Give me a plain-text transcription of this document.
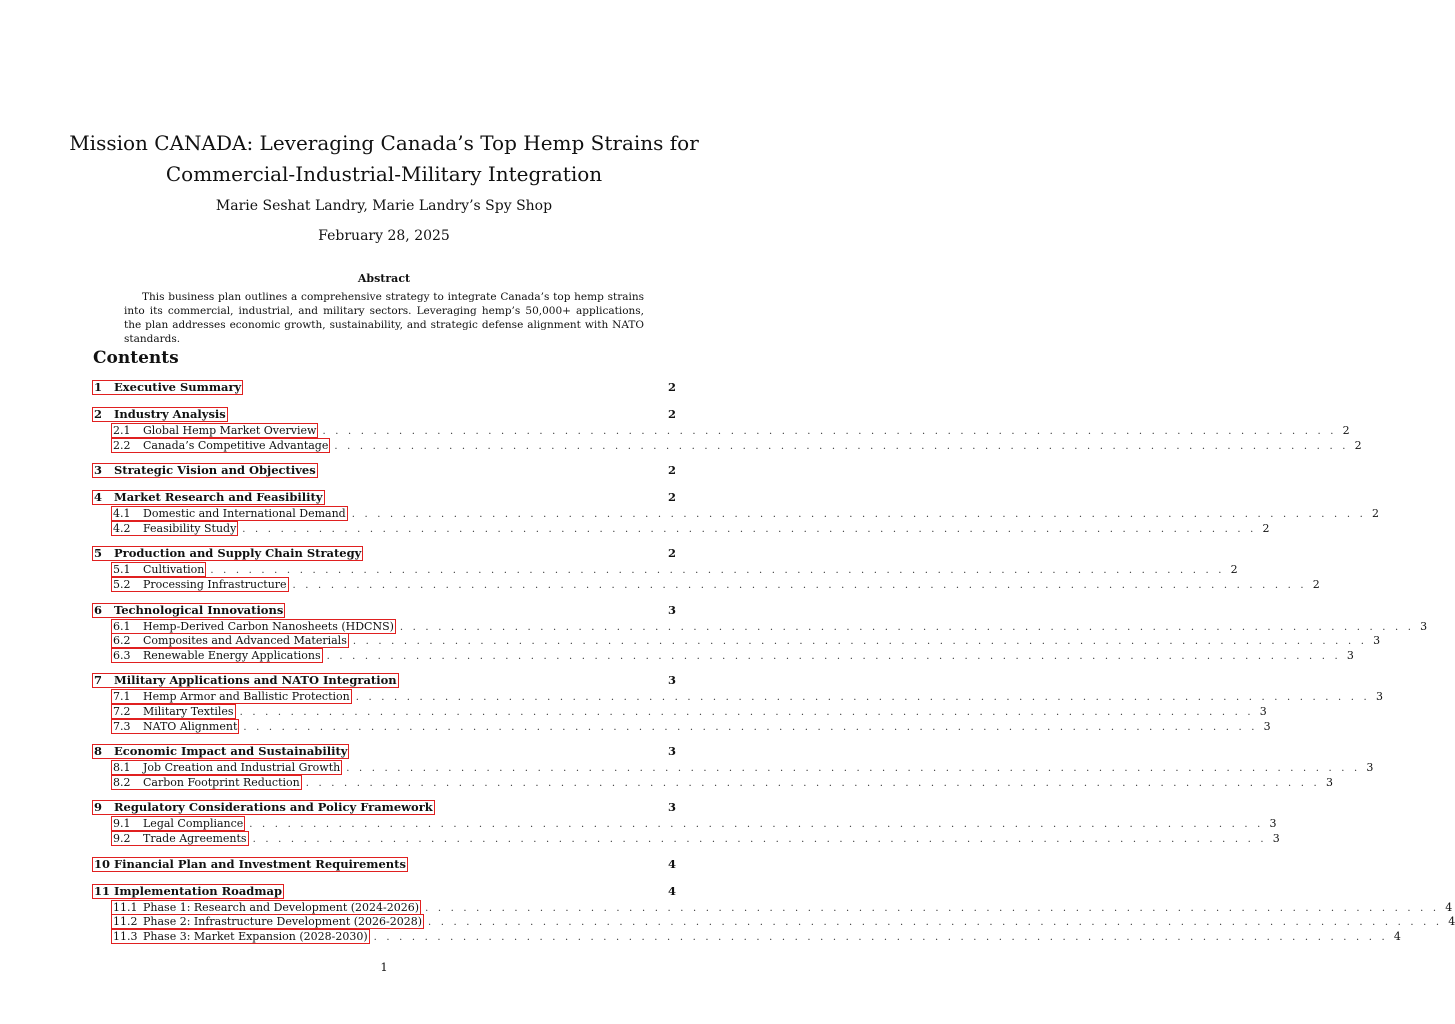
Mission CANADA: Leveraging Canada’s Top Hemp Strains for
Commercial-Industrial-Military Integration
Marie Seshat Landry, Marie Landry’s Spy Shop
February 28, 2025
Abstract
This business plan outlines a comprehensive strategy to integrate Canada’s top hemp strains into its commercial, industrial, and military sectors. Leveraging hemp’s 50,000+ applications, the plan addresses economic growth, sustainability, and strategic defense alignment with NATO standards.
Contents
1	Executive Summary	2
2	Industry Analysis	2
2.1	Global Hemp Market Overview . . . . . . . . . . . . . . . . . . . . . . . . . . . . . . . . . . . . . . . . . . . . . . . . . . . . . . . . . . . . . . . . . . . . . . . . . . . . . . . . 2
2.2	Canada’s Competitive Advantage . . . . . . . . . . . . . . . . . . . . . . . . . . . . . . . . . . . . . . . . . . . . . . . . . . . . . . . . . . . . . . . . . . . . . . . . . . . . . . . . 2
3	Strategic Vision and Objectives	2
4	Market Research and Feasibility	2
4.1	Domestic and International Demand . . . . . . . . . . . . . . . . . . . . . . . . . . . . . . . . . . . . . . . . . . . . . . . . . . . . . . . . . . . . . . . . . . . . . . . . . . . . . . . . 2
4.2	Feasibility Study . . . . . . . . . . . . . . . . . . . . . . . . . . . . . . . . . . . . . . . . . . . . . . . . . . . . . . . . . . . . . . . . . . . . . . . . . . . . . . . . 2
5	Production and Supply Chain Strategy	2
5.1	Cultivation . . . . . . . . . . . . . . . . . . . . . . . . . . . . . . . . . . . . . . . . . . . . . . . . . . . . . . . . . . . . . . . . . . . . . . . . . . . . . . . . 2
5.2	Processing Infrastructure . . . . . . . . . . . . . . . . . . . . . . . . . . . . . . . . . . . . . . . . . . . . . . . . . . . . . . . . . . . . . . . . . . . . . . . . . . . . . . . . 2
6	Technological Innovations	3
6.1	Hemp-Derived Carbon Nanosheets (HDCNS) . . . . . . . . . . . . . . . . . . . . . . . . . . . . . . . . . . . . . . . . . . . . . . . . . . . . . . . . . . . . . . . . . . . . . . . . . . . . . . . . 3
6.2	Composites and Advanced Materials . . . . . . . . . . . . . . . . . . . . . . . . . . . . . . . . . . . . . . . . . . . . . . . . . . . . . . . . . . . . . . . . . . . . . . . . . . . . . . . . 3
6.3	Renewable Energy Applications . . . . . . . . . . . . . . . . . . . . . . . . . . . . . . . . . . . . . . . . . . . . . . . . . . . . . . . . . . . . . . . . . . . . . . . . . . . . . . . . 3
7	Military Applications and NATO Integration	3
7.1	Hemp Armor and Ballistic Protection . . . . . . . . . . . . . . . . . . . . . . . . . . . . . . . . . . . . . . . . . . . . . . . . . . . . . . . . . . . . . . . . . . . . . . . . . . . . . . . . 3
7.2	Military Textiles . . . . . . . . . . . . . . . . . . . . . . . . . . . . . . . . . . . . . . . . . . . . . . . . . . . . . . . . . . . . . . . . . . . . . . . . . . . . . . . . 3
7.3	NATO Alignment . . . . . . . . . . . . . . . . . . . . . . . . . . . . . . . . . . . . . . . . . . . . . . . . . . . . . . . . . . . . . . . . . . . . . . . . . . . . . . . . 3
8	Economic Impact and Sustainability	3
8.1	Job Creation and Industrial Growth . . . . . . . . . . . . . . . . . . . . . . . . . . . . . . . . . . . . . . . . . . . . . . . . . . . . . . . . . . . . . . . . . . . . . . . . . . . . . . . . 3
8.2	Carbon Footprint Reduction . . . . . . . . . . . . . . . . . . . . . . . . . . . . . . . . . . . . . . . . . . . . . . . . . . . . . . . . . . . . . . . . . . . . . . . . . . . . . . . . 3
9	Regulatory Considerations and Policy Framework	3
9.1	Legal Compliance . . . . . . . . . . . . . . . . . . . . . . . . . . . . . . . . . . . . . . . . . . . . . . . . . . . . . . . . . . . . . . . . . . . . . . . . . . . . . . . . 3
9.2	Trade Agreements . . . . . . . . . . . . . . . . . . . . . . . . . . . . . . . . . . . . . . . . . . . . . . . . . . . . . . . . . . . . . . . . . . . . . . . . . . . . . . . . 3
10 Financial Plan and Investment Requirements	4
11 Implementation Roadmap	4
11.1 Phase 1: Research and Development (2024-2026) . . . . . . . . . . . . . . . . . . . . . . . . . . . . . . . . . . . . . . . . . . . . . . . . . . . . . . . . . . . . . . . . . . . . . . . . . . . . . . . . 4
11.2 Phase 2: Infrastructure Development (2026-2028) . . . . . . . . . . . . . . . . . . . . . . . . . . . . . . . . . . . . . . . . . . . . . . . . . . . . . . . . . . . . . . . . . . . . . . . . . . . . . . . . 4
11.3 Phase 3: Market Expansion (2028-2030) . . . . . . . . . . . . . . . . . . . . . . . . . . . . . . . . . . . . . . . . . . . . . . . . . . . . . . . . . . . . . . . . . . . . . . . . . . . . . . . . 4
1
